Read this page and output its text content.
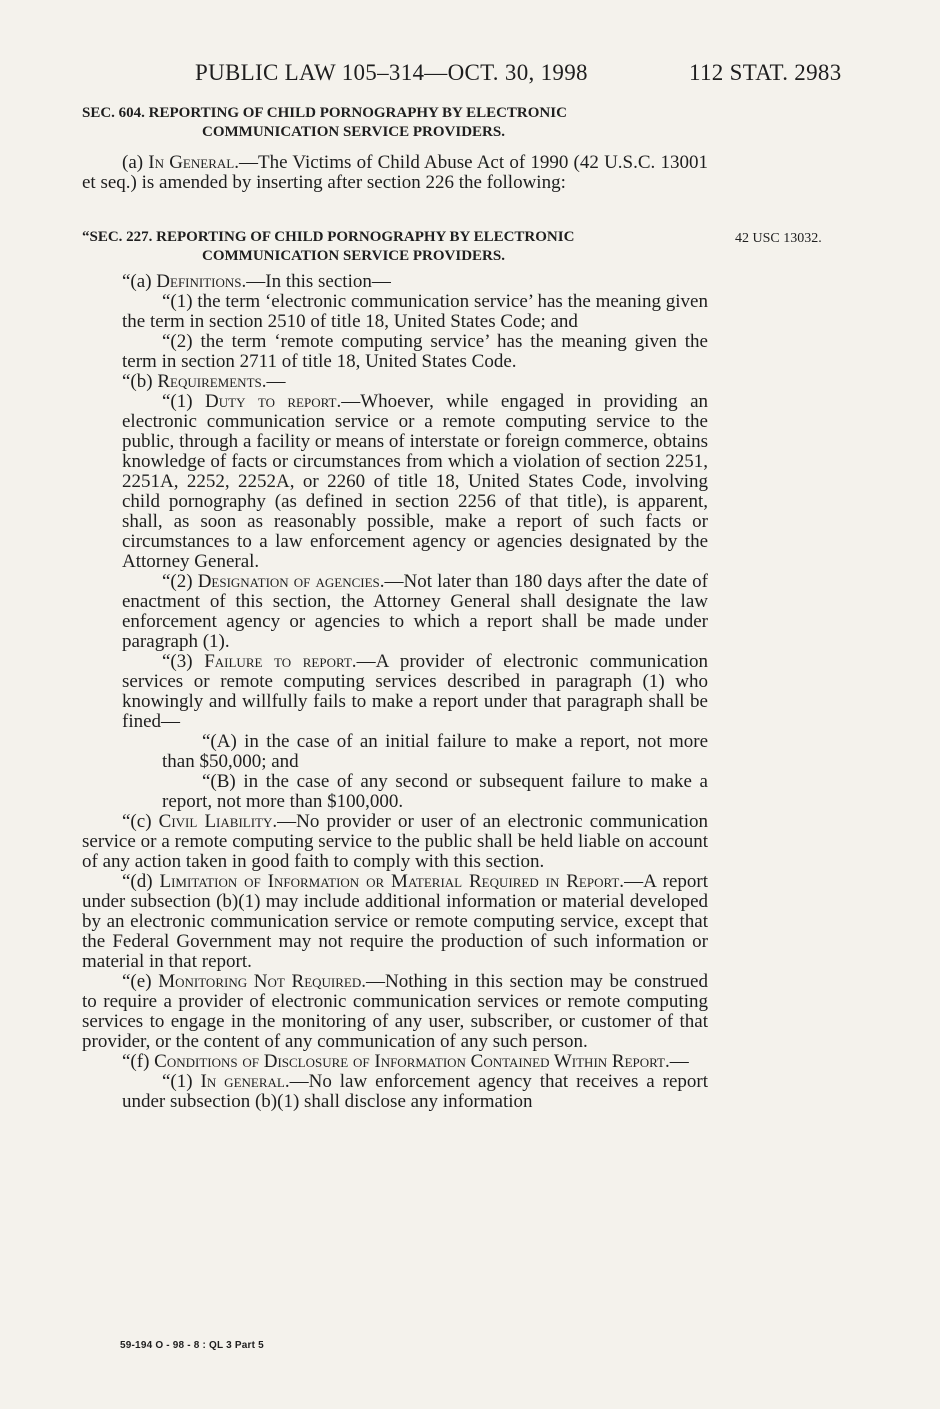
PUBLIC LAW 105–314—OCT. 30, 1998	112 STAT. 2983
SEC. 604. REPORTING OF CHILD PORNOGRAPHY BY ELECTRONIC
COMMUNICATION SERVICE PROVIDERS.

(a) In General.—The Victims of Child Abuse Act of 1990 (42 U.S.C. 13001 et seq.) is amended by inserting after section 226 the following:

“SEC. 227. REPORTING OF CHILD PORNOGRAPHY BY ELECTRONIC
COMMUNICATION SERVICE PROVIDERS.

“(a) Definitions.—In this section—

“(1) the term ‘electronic communication service’ has the meaning given the term in section 2510 of title 18, United States Code; and

“(2) the term ‘remote computing service’ has the meaning given the term in section 2711 of title 18, United States Code.

“(b) Requirements.—

“(1) Duty to report.—Whoever, while engaged in providing an electronic communication service or a remote computing service to the public, through a facility or means of interstate or foreign commerce, obtains knowledge of facts or circumstances from which a violation of section 2251, 2251A, 2252, 2252A, or 2260 of title 18, United States Code, involving child pornography (as defined in section 2256 of that title), is apparent, shall, as soon as reasonably possible, make a report of such facts or circumstances to a law enforcement agency or agencies designated by the Attorney General.

“(2) Designation of agencies.—Not later than 180 days after the date of enactment of this section, the Attorney General shall designate the law enforcement agency or agencies to which a report shall be made under paragraph (1).

“(3) Failure to report.—A provider of electronic communication services or remote computing services described in paragraph (1) who knowingly and willfully fails to make a report under that paragraph shall be fined—

“(A) in the case of an initial failure to make a report, not more than $50,000; and

“(B) in the case of any second or subsequent failure to make a report, not more than $100,000.

“(c) Civil Liability.—No provider or user of an electronic communication service or a remote computing service to the public shall be held liable on account of any action taken in good faith to comply with this section.

“(d) Limitation of Information or Material Required in Report.—A report under subsection (b)(1) may include additional information or material developed by an electronic communication service or remote computing service, except that the Federal Government may not require the production of such information or material in that report.

“(e) Monitoring Not Required.—Nothing in this section may be construed to require a provider of electronic communication services or remote computing services to engage in the monitoring of any user, subscriber, or customer of that provider, or the content of any communication of any such person.

“(f) Conditions of Disclosure of Information Contained Within Report.—

“(1) In general.—No law enforcement agency that receives a report under subsection (b)(1) shall disclose any information

42 USC 13032.
59-194 O - 98 - 8 : QL 3 Part 5
